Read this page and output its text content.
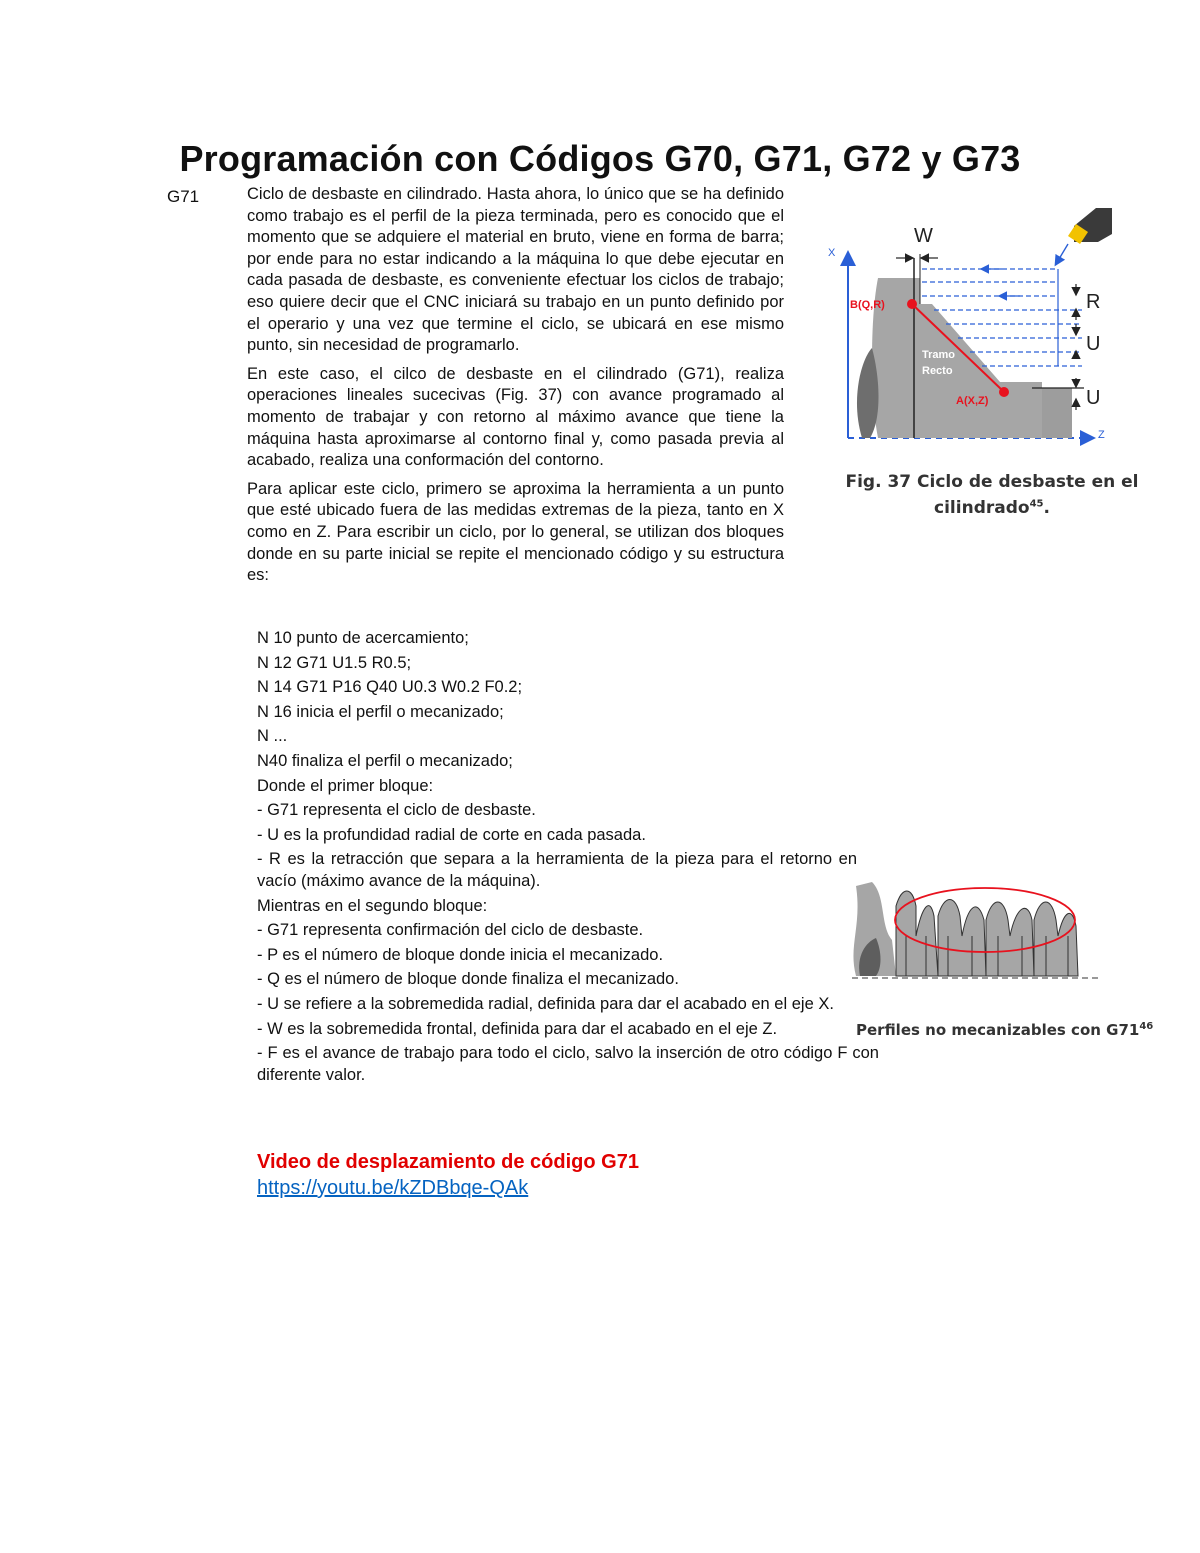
Programación con Códigos G70, G71, G72 y G73
G71	Ciclo de desbaste en cilindrado. Hasta ahora, lo único que se ha definido como trabajo es el perfil de la pieza terminada, pero es conocido que el momento que se adquiere el material en bruto, viene en forma de barra; por ende para no estar indicando a la máquina lo que debe ejecutar en cada pasada de desbaste, es conveniente efectuar los ciclos de trabajo; eso quiere decir que el CNC iniciará su trabajo en un punto definido por el operario y una vez que termine el ciclo, se ubicará en ese mismo punto, sin necesidad de programarlo.

En este caso, el cilco de desbaste en el cilindrado (G71), realiza operaciones lineales sucecivas (Fig. 37) con avance programado al momento de trabajar y con retorno al máximo avance que tiene la máquina hasta aproximarse al contorno final y, como pasada previa al acabado, realiza una conformación del contorno.

Para aplicar este ciclo, primero se aproxima la herramienta a un punto que esté ubicado fuera de las medidas extremas de la pieza, tanto en X como en Z. Para escribir un ciclo, por lo general, se utilizan dos bloques donde en su parte inicial se repite el mencionado código y su estructura es:

N 10 punto de acercamiento;
N 12 G71 U1.5 R0.5;
N 14 G71 P16 Q40 U0.3 W0.2 F0.2;
N 16 inicia el perfil o mecanizado;
N ...
N40 finaliza el perfil o mecanizado;
Donde el primer bloque:
- G71 representa el ciclo de desbaste.
- U es la profundidad radial de corte en cada pasada.
- R es la retracción que separa a la herramienta de la pieza para el retorno en vacío (máximo avance de la máquina).
Mientras en el segundo bloque:
- G71 representa confirmación del ciclo de desbaste.
- P es el número de bloque donde inicia el mecanizado.
- Q es el número de bloque donde finaliza el mecanizado.
- U se refiere a la sobremedida radial, definida para dar el acabado en el eje X.
- W es la sobremedida frontal, definida para dar el acabado en el eje Z.
- F es el avance de trabajo para todo el ciclo, salvo la inserción de otro código F con diferente valor.
Video de desplazamiento de código G71
https://youtu.be/kZDBbqe-QAk
X
Z
B(Q,R)
A(X,Z)
Tramo
Recto
W
R
U
U
Fig. 37 Ciclo de desbaste en el
cilindrado$^{45}$.
Perfiles no mecanizables con $G71^{46}$
